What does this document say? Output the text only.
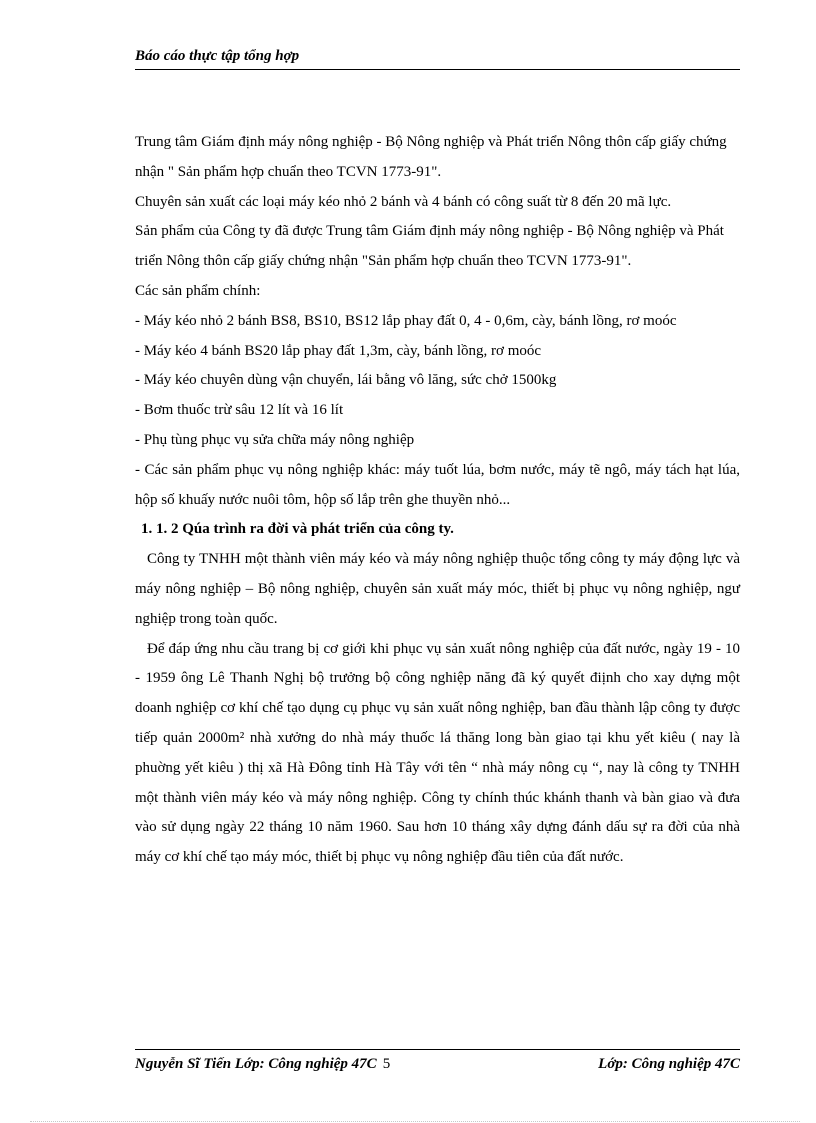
Báo cáo thực tập tổng hợp

Trung tâm Giám định máy nông nghiệp - Bộ Nông nghiệp và Phát triển Nông thôn cấp giấy chứng nhận " Sản phẩm hợp chuẩn theo TCVN 1773-91".

Chuyên sản xuất các loại máy kéo nhỏ 2 bánh và 4 bánh có công suất từ 8 đến 20 mã lực.

Sản phẩm của Công ty đã được Trung tâm Giám định máy nông nghiệp - Bộ Nông nghiệp và Phát triển Nông thôn cấp giấy chứng nhận "Sản phẩm hợp chuẩn theo TCVN 1773-91".

Các sản phẩm chính:

- Máy kéo nhỏ 2 bánh BS8, BS10, BS12 lắp phay đất 0, 4 - 0,6m, cày, bánh lồng, rơ moóc

- Máy kéo 4 bánh BS20 lắp phay đất 1,3m, cày, bánh lồng, rơ moóc

- Máy kéo chuyên dùng vận chuyển, lái bằng vô lăng, sức chở 1500kg

- Bơm thuốc trừ sâu 12 lít và 16 lít

- Phụ tùng phục vụ sửa chữa máy nông nghiệp

- Các sản phẩm phục vụ nông nghiệp khác: máy tuốt lúa, bơm nước, máy tẽ ngô, máy tách hạt lúa, hộp số khuấy nước nuôi tôm, hộp số lắp trên ghe thuyền nhỏ...

1. 1. 2 Qúa trình ra đời và phát triển của công ty.

Công ty TNHH một thành viên máy kéo và máy nông nghiệp thuộc tổng công ty máy động lực và máy nông nghiệp – Bộ nông nghiệp, chuyên sản xuất máy móc, thiết bị phục vụ nông nghiệp, ngư nghiệp trong toàn quốc.

Để đáp ứng nhu cầu trang bị cơ giới khi phục vụ sản xuất nông nghiệp của đất nước, ngày 19 - 10 - 1959 ông Lê Thanh Nghị bộ trưởng bộ công nghiệp năng đã ký quyết điịnh cho xay dựng một doanh nghiệp cơ khí chế tạo dụng cụ phục vụ sản xuất nông nghiệp, ban đầu thành lập công ty được tiếp quản 2000m² nhà xưởng do nhà máy thuốc lá thăng long bàn giao tại khu yết kiêu ( nay là phuờng yết kiêu ) thị xã Hà Đông tỉnh Hà Tây với tên “ nhà máy nông cụ “, nay là công ty TNHH một thành viên máy kéo và máy nông nghiệp. Công ty chính thúc khánh thanh và bàn giao và đưa vào sử dụng ngày 22 tháng 10 năm 1960. Sau hơn 10 tháng xây dựng đánh dấu sự ra đời của nhà máy cơ khí chế tạo máy móc, thiết bị phục vụ nông nghiệp đầu tiên của đất nước.

Nguyễn Sĩ Tiến Lớp: Công nghiệp 47C 5	Lớp: Công nghiệp 47C
